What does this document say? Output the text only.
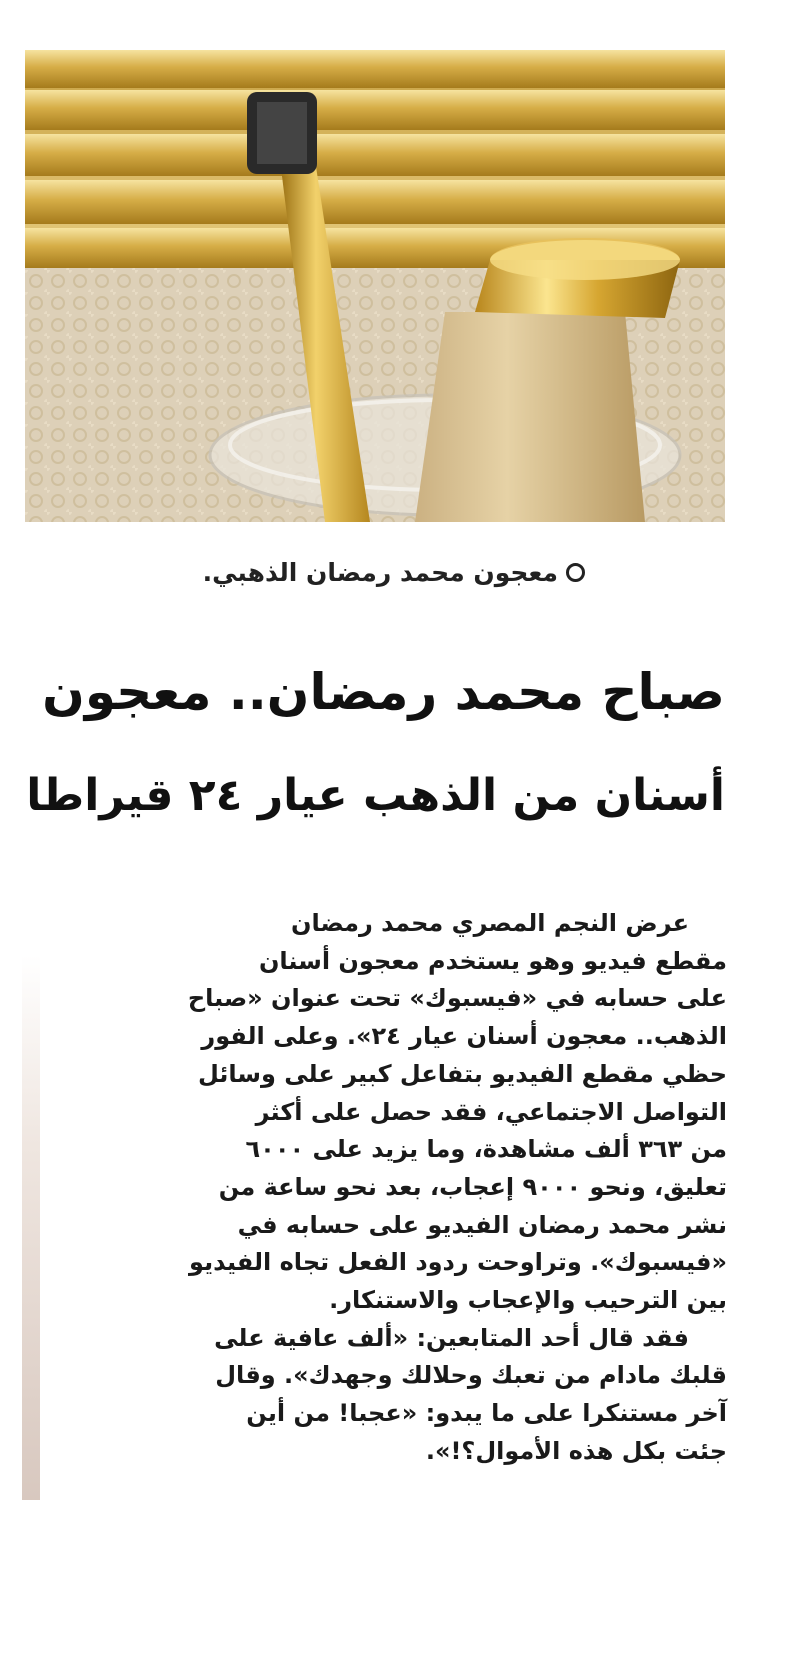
معجون محمد رمضان الذهبي.
صباح محمد رمضان.. معجون
أسنان من الذهب عيار ٢٤ قيراطا
عرض النجم المصري محمد رمضان
مقطع فيديو وهو يستخدم معجون أسنان
على حسابه في «فيسبوك» تحت عنوان «صباح
الذهب.. معجون أسنان عيار ٢٤». وعلى الفور
حظي مقطع الفيديو بتفاعل كبير على وسائل
التواصل الاجتماعي، فقد حصل على أكثر
من ٣٦٣ ألف مشاهدة، وما يزيد على ٦٠٠٠
تعليق، ونحو ٩٠٠٠ إعجاب، بعد نحو ساعة من
نشر محمد رمضان الفيديو على حسابه في
«فيسبوك». وتراوحت ردود الفعل تجاه الفيديو
بين الترحيب والإعجاب والاستنكار.
فقد قال أحد المتابعين: «ألف عافية على
قلبك مادام من تعبك وحلالك وجهدك». وقال
آخر مستنكرا على ما يبدو: «عجبا! من أين
جئت بكل هذه الأموال؟!».
